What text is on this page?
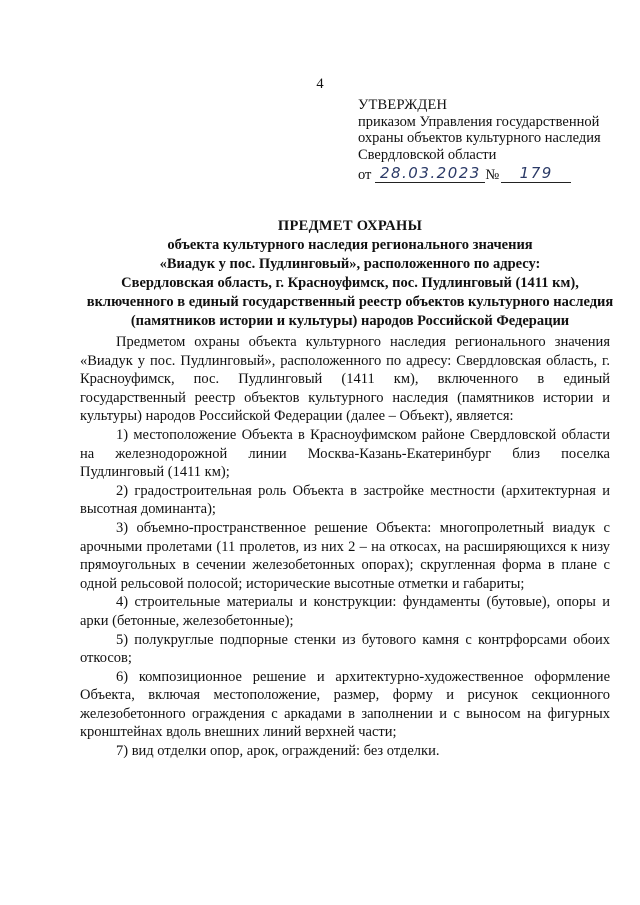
4
УТВЕРЖДЕН
приказом Управления государственной
охраны объектов культурного наследия
Свердловской области
от 28.03.2023 №	179
ПРЕДМЕТ ОХРАНЫ
объекта культурного наследия регионального значения
«Виадук у пос. Пудлинговый», расположенного по адресу:
Свердловская область, г. Красноуфимск, пос. Пудлинговый (1411 км),
включенного в единый государственный реестр объектов культурного наследия
(памятников истории и культуры) народов Российской Федерации

Предметом охраны объекта культурного наследия регионального значения «Виадук у пос. Пудлинговый», расположенного по адресу: Свердловская область, г. Красноуфимск, пос. Пудлинговый (1411 км), включенного в единый государственный реестр объектов культурного наследия (памятников истории и культуры) народов Российской Федерации (далее – Объект), является:

1) местоположение Объекта в Красноуфимском районе Свердловской области на железнодорожной линии Москва-Казань-Екатеринбург близ поселка Пудлинговый (1411 км);

2) градостроительная роль Объекта в застройке местности (архитектурная и высотная доминанта);

3) объемно-пространственное решение Объекта: многопролетный виадук с арочными пролетами (11 пролетов, из них 2 – на откосах, на расширяющихся к низу прямоугольных в сечении железобетонных опорах); скругленная форма в плане с одной рельсовой полосой; исторические высотные отметки и габариты;

4) строительные материалы и конструкции: фундаменты (бутовые), опоры и арки (бетонные, железобетонные);

5) полукруглые подпорные стенки из бутового камня с контрфорсами обоих откосов;

6) композиционное решение и архитектурно-художественное оформление Объекта, включая местоположение, размер, форму и рисунок секционного железобетонного ограждения с аркадами в заполнении и с выносом на фигурных кронштейнах вдоль внешних линий верхней части;

7) вид отделки опор, арок, ограждений: без отделки.
